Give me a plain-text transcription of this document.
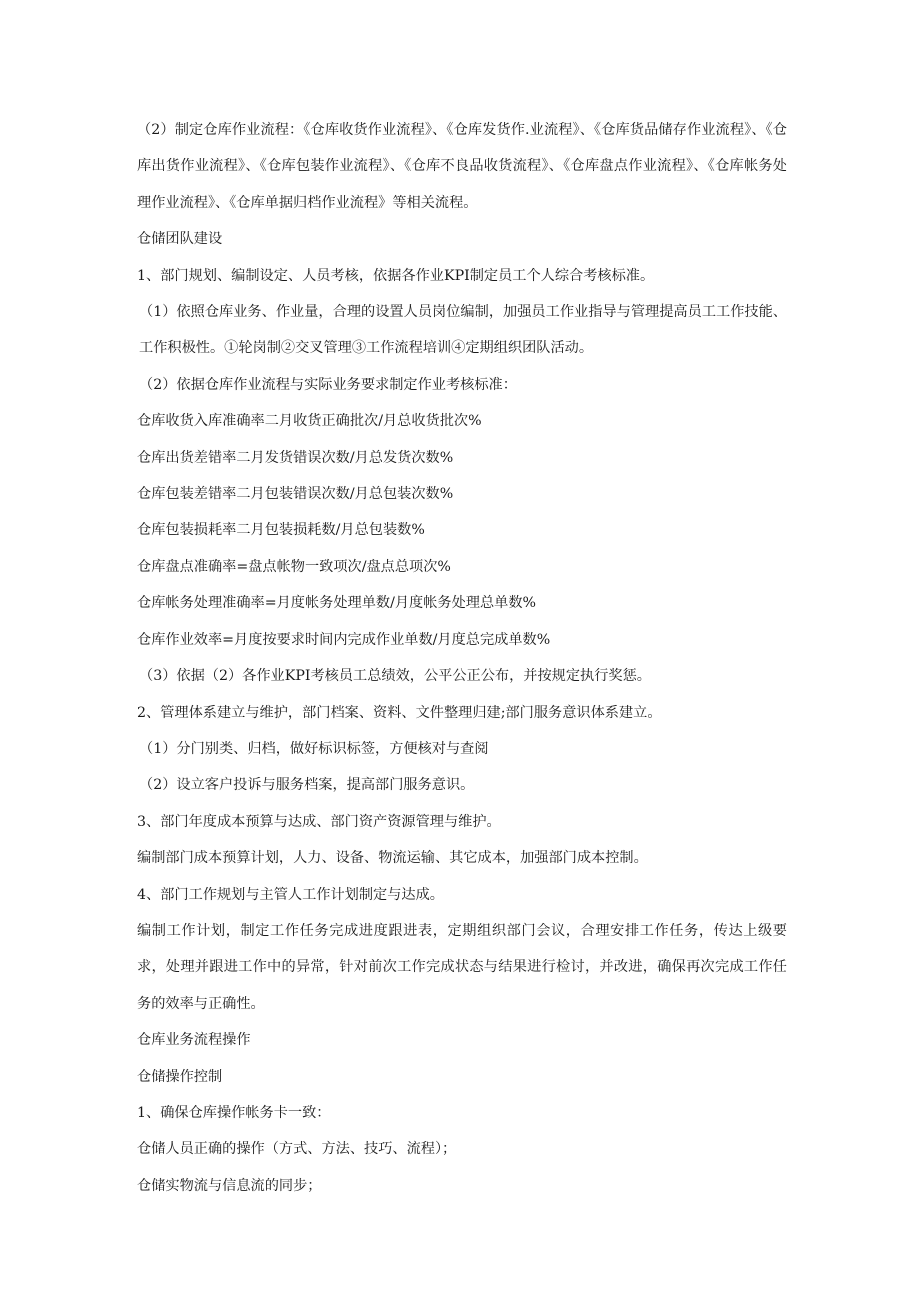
（2）制定仓库作业流程：《仓库收货作业流程》、《仓库发货作.业流程》、《仓库货品储存作业流程》、《仓库出货作业流程》、《仓库包装作业流程》、《仓库不良品收货流程》、《仓库盘点作业流程》、《仓库帐务处理作业流程》、《仓库单据归档作业流程》等相关流程。

仓储团队建设

1、部门规划、编制设定、人员考核，依据各作业KPI制定员工个人综合考核标准。

（1）依照仓库业务、作业量，合理的设置人员岗位编制，加强员工作业指导与管理提高员工工作技能、工作积极性。①轮岗制②交叉管理③工作流程培训④定期组织团队活动。

（2）依据仓库作业流程与实际业务要求制定作业考核标准：

仓库收货入库准确率二月收货正确批次/月总收货批次%

仓库出货差错率二月发货错误次数/月总发货次数%

仓库包装差错率二月包装错误次数/月总包装次数%

仓库包装损耗率二月包装损耗数/月总包装数%

仓库盘点准确率=盘点帐物一致项次/盘点总项次%

仓库帐务处理准确率=月度帐务处理单数/月度帐务处理总单数%

仓库作业效率=月度按要求时间内完成作业单数/月度总完成单数%

（3）依据（2）各作业KPI考核员工总绩效，公平公正公布，并按规定执行奖惩。

2、管理体系建立与维护，部门档案、资料、文件整理归建;部门服务意识体系建立。

（1）分门别类、归档，做好标识标签，方便核对与查阅

（2）设立客户投诉与服务档案，提高部门服务意识。

3、部门年度成本预算与达成、部门资产资源管理与维护。

编制部门成本预算计划，人力、设备、物流运输、其它成本，加强部门成本控制。

4、部门工作规划与主管人工作计划制定与达成。

编制工作计划，制定工作任务完成进度跟进表，定期组织部门会议，合理安排工作任务，传达上级要求，处理并跟进工作中的异常，针对前次工作完成状态与结果进行检讨，并改进，确保再次完成工作任务的效率与正确性。

仓库业务流程操作

仓储操作控制

1、确保仓库操作帐务卡一致：

仓储人员正确的操作（方式、方法、技巧、流程）；

仓储实物流与信息流的同步；
